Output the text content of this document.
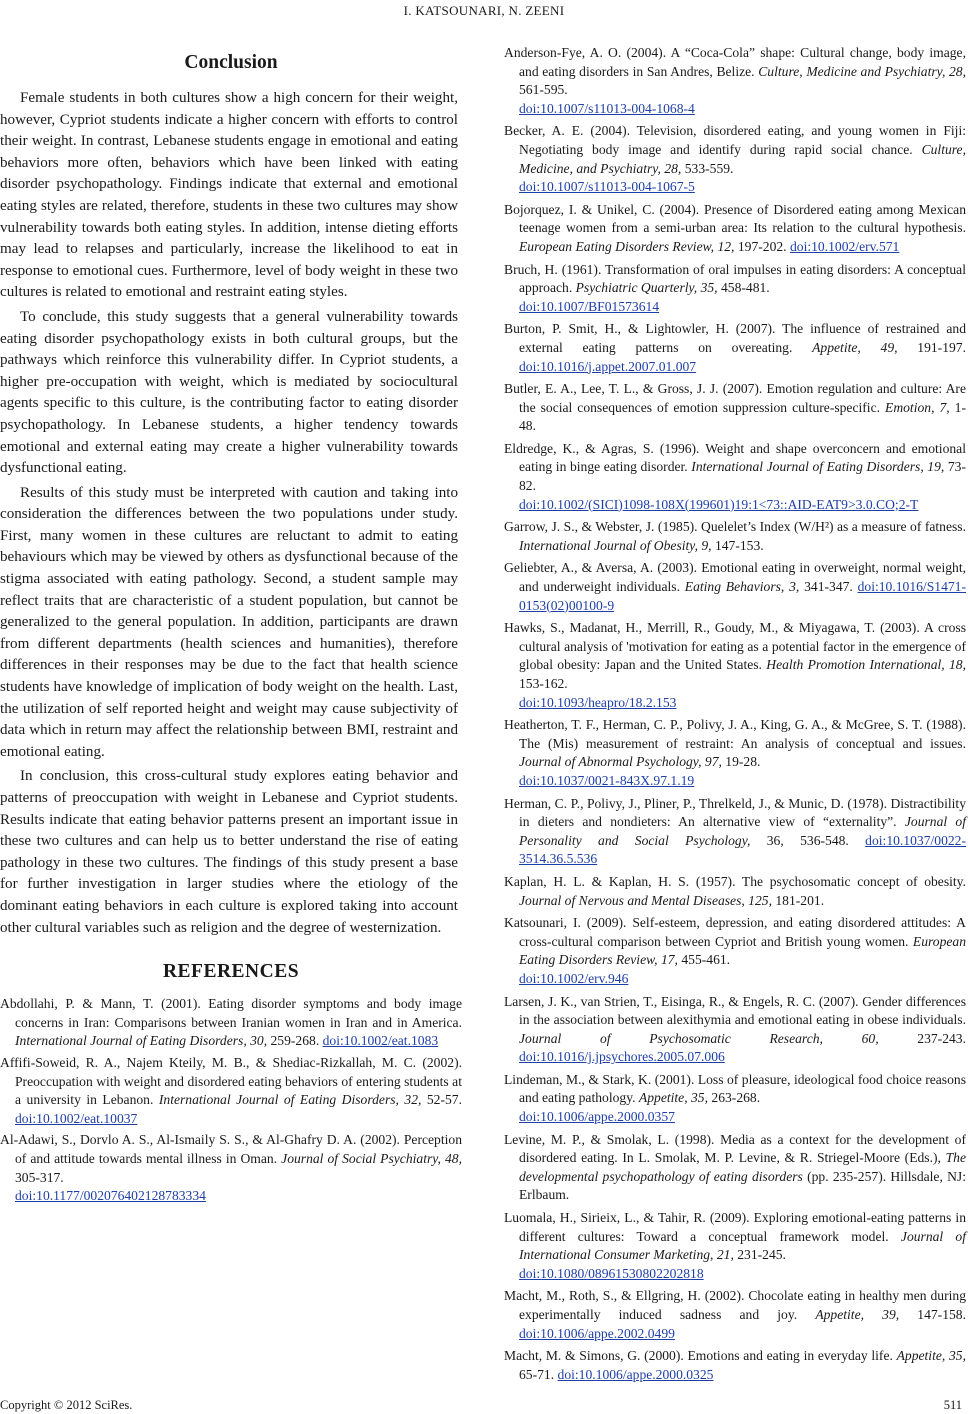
I. KATSOUNARI, N. ZEENI
Conclusion

Female students in both cultures show a high concern for their weight, however, Cypriot students indicate a higher concern with efforts to control their weight. In contrast, Lebanese students engage in emotional and eating behaviors more often, behaviors which have been linked with eating disorder psychopathology. Findings indicate that external and emotional eating styles are related, therefore, students in these two cultures may show vulnerability towards both eating styles. In addition, intense dieting efforts may lead to relapses and particularly, increase the likelihood to eat in response to emotional cues. Furthermore, level of body weight in these two cultures is related to emotional and restraint eating styles.

To conclude, this study suggests that a general vulnerability towards eating disorder psychopathology exists in both cultural groups, but the pathways which reinforce this vulnerability differ. In Cypriot students, a higher pre-occupation with weight, which is mediated by sociocultural agents specific to this culture, is the contributing factor to eating disorder psychopathology. In Lebanese students, a higher tendency towards emotional and external eating may create a higher vulnerability towards dysfunctional eating.

Results of this study must be interpreted with caution and taking into consideration the differences between the two populations under study. First, many women in these cultures are reluctant to admit to eating behaviours which may be viewed by others as dysfunctional because of the stigma associated with eating pathology. Second, a student sample may reflect traits that are characteristic of a student population, but cannot be generalized to the general population. In addition, participants are drawn from different departments (health sciences and humanities), therefore differences in their responses may be due to the fact that health science students have knowledge of implication of body weight on the health. Last, the utilization of self reported height and weight may cause subjectivity of data which in return may affect the relationship between BMI, restraint and emotional eating.

In conclusion, this cross-cultural study explores eating behavior and patterns of preoccupation with weight in Lebanese and Cypriot students. Results indicate that eating behavior patterns present an important issue in these two cultures and can help us to better understand the rise of eating pathology in these two cultures. The findings of this study present a base for further investigation in larger studies where the etiology of the dominant eating behaviors in each culture is explored taking into account other cultural variables such as religion and the degree of westernization.

REFERENCES

Abdollahi, P. & Mann, T. (2001). Eating disorder symptoms and body image concerns in Iran: Comparisons between Iranian women in Iran and in America. International Journal of Eating Disorders, 30, 259-268. doi:10.1002/eat.1083

Affifi-Soweid, R. A., Najem Kteily, M. B., & Shediac-Rizkallah, M. C. (2002). Preoccupation with weight and disordered eating behaviors of entering students at a university in Lebanon. International Journal of Eating Disorders, 32, 52-57. doi:10.1002/eat.10037

Al-Adawi, S., Dorvlo A. S., Al-Ismaily S. S., & Al-Ghafry D. A. (2002). Perception of and attitude towards mental illness in Oman. Journal of Social Psychiatry, 48, 305-317.
doi:10.1177/002076402128783334

Anderson-Fye, A. O. (2004). A “Coca-Cola” shape: Cultural change, body image, and eating disorders in San Andres, Belize. Culture, Medicine and Psychiatry, 28, 561-595.
doi:10.1007/s11013-004-1068-4

Becker, A. E. (2004). Television, disordered eating, and young women in Fiji: Negotiating body image and identify during rapid social chance. Culture, Medicine, and Psychiatry, 28, 533-559.
doi:10.1007/s11013-004-1067-5

Bojorquez, I. & Unikel, C. (2004). Presence of Disordered eating among Mexican teenage women from a semi-urban area: Its relation to the cultural hypothesis. European Eating Disorders Review, 12, 197-202. doi:10.1002/erv.571

Bruch, H. (1961). Transformation of oral impulses in eating disorders: A conceptual approach. Psychiatric Quarterly, 35, 458-481.
doi:10.1007/BF01573614

Burton, P. Smit, H., & Lightowler, H. (2007). The influence of restrained and external eating patterns on overeating. Appetite, 49, 191-197. doi:10.1016/j.appet.2007.01.007

Butler, E. A., Lee, T. L., & Gross, J. J. (2007). Emotion regulation and culture: Are the social consequences of emotion suppression culture-specific. Emotion, 7, 1-48.

Eldredge, K., & Agras, S. (1996). Weight and shape overconcern and emotional eating in binge eating disorder. International Journal of Eating Disorders, 19, 73-82.
doi:10.1002/(SICI)1098-108X(199601)19:1<73::AID-EAT9>3.0.CO;2-T

Garrow, J. S., & Webster, J. (1985). Quelelet’s Index (W/H²) as a measure of fatness. International Journal of Obesity, 9, 147-153.

Geliebter, A., & Aversa, A. (2003). Emotional eating in overweight, normal weight, and underweight individuals. Eating Behaviors, 3, 341-347. doi:10.1016/S1471-0153(02)00100-9

Hawks, S., Madanat, H., Merrill, R., Goudy, M., & Miyagawa, T. (2003). A cross cultural analysis of 'motivation for eating as a potential factor in the emergence of global obesity: Japan and the United States. Health Promotion International, 18, 153-162.
doi:10.1093/heapro/18.2.153

Heatherton, T. F., Herman, C. P., Polivy, J. A., King, G. A., & McGree, S. T. (1988). The (Mis) measurement of restraint: An analysis of conceptual and issues. Journal of Abnormal Psychology, 97, 19-28.
doi:10.1037/0021-843X.97.1.19

Herman, C. P., Polivy, J., Pliner, P., Threlkeld, J., & Munic, D. (1978). Distractibility in dieters and nondieters: An alternative view of “externality”. Journal of Personality and Social Psychology, 36, 536-548. doi:10.1037/0022-3514.36.5.536

Kaplan, H. L. & Kaplan, H. S. (1957). The psychosomatic concept of obesity. Journal of Nervous and Mental Diseases, 125, 181-201.

Katsounari, I. (2009). Self-esteem, depression, and eating disordered attitudes: A cross-cultural comparison between Cypriot and British young women. European Eating Disorders Review, 17, 455-461.
doi:10.1002/erv.946

Larsen, J. K., van Strien, T., Eisinga, R., & Engels, R. C. (2007). Gender differences in the association between alexithymia and emotional eating in obese individuals. Journal of Psychosomatic Research, 60, 237-243. doi:10.1016/j.jpsychores.2005.07.006

Lindeman, M., & Stark, K. (2001). Loss of pleasure, ideological food choice reasons and eating pathology. Appetite, 35, 263-268.
doi:10.1006/appe.2000.0357

Levine, M. P., & Smolak, L. (1998). Media as a context for the development of disordered eating. In L. Smolak, M. P. Levine, & R. Striegel-Moore (Eds.), The developmental psychopathology of eating disorders (pp. 235-257). Hillsdale, NJ: Erlbaum.

Luomala, H., Sirieix, L., & Tahir, R. (2009). Exploring emotional-eating patterns in different cultures: Toward a conceptual framework model. Journal of International Consumer Marketing, 21, 231-245.
doi:10.1080/08961530802202818

Macht, M., Roth, S., & Ellgring, H. (2002). Chocolate eating in healthy men during experimentally induced sadness and joy. Appetite, 39, 147-158. doi:10.1006/appe.2002.0499

Macht, M. & Simons, G. (2000). Emotions and eating in everyday life. Appetite, 35, 65-71. doi:10.1006/appe.2000.0325

Copyright © 2012 SciRes.	511
